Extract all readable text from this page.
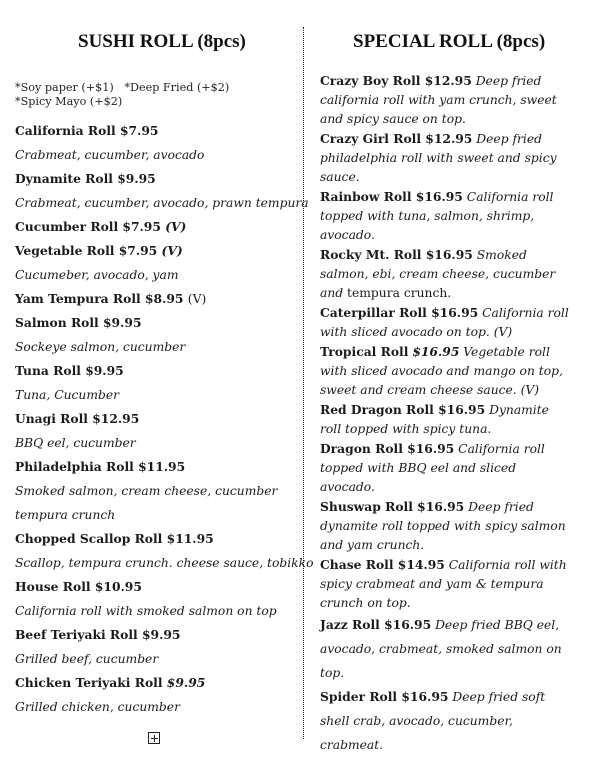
SUSHI ROLL (8pcs)	SPECIAL ROLL (8pcs)
*Soy paper (+$1)   *Deep Fried (+$2)
*Spicy Mayo (+$2)
California Roll $7.95
Crabmeat, cucumber, avocado
Dynamite Roll $9.95
Crabmeat, cucumber, avocado, prawn tempura
Cucumber Roll $7.95 (V)
Vegetable Roll $7.95 (V)
Cucumeber, avocado, yam
Yam Tempura Roll $8.95 (V)
Salmon Roll $9.95
Sockeye salmon, cucumber
Tuna Roll $9.95
Tuna, Cucumber
Unagi Roll $12.95
BBQ eel, cucumber
Philadelphia Roll $11.95
Smoked salmon, cream cheese, cucumber
tempura crunch
Chopped Scallop Roll $11.95
Scallop, tempura crunch. cheese sauce, tobikko
House Roll $10.95
California roll with smoked salmon on top
Beef Teriyaki Roll $9.95
Grilled beef, cucumber
Chicken Teriyaki Roll $9.95
Grilled chicken, cucumber
Crazy Boy Roll $12.95 Deep fried california roll with yam crunch, sweet and spicy sauce on top.
Crazy Girl Roll $12.95 Deep fried philadelphia roll with sweet and spicy sauce.
Rainbow Roll $16.95 California roll topped with tuna, salmon, shrimp, avocado.
Rocky Mt. Roll $16.95 Smoked salmon, ebi, cream cheese, cucumber and tempura crunch.
Caterpillar Roll $16.95 California roll with sliced avocado on top. (V)
Tropical Roll $16.95 Vegetable roll with sliced avocado and mango on top, sweet and cream cheese sauce. (V)
Red Dragon Roll $16.95 Dynamite roll topped with spicy tuna.
Dragon Roll $16.95 California roll topped with BBQ eel and sliced avocado.
Shuswap Roll $16.95 Deep fried dynamite roll topped with spicy salmon and yam crunch.
Chase Roll $14.95 California roll with spicy crabmeat and yam & tempura crunch on top.
Jazz Roll $16.95 Deep fried BBQ eel, avocado, crabmeat, smoked salmon on top.
Spider Roll $16.95 Deep fried soft shell crab, avocado, cucumber, crabmeat.
